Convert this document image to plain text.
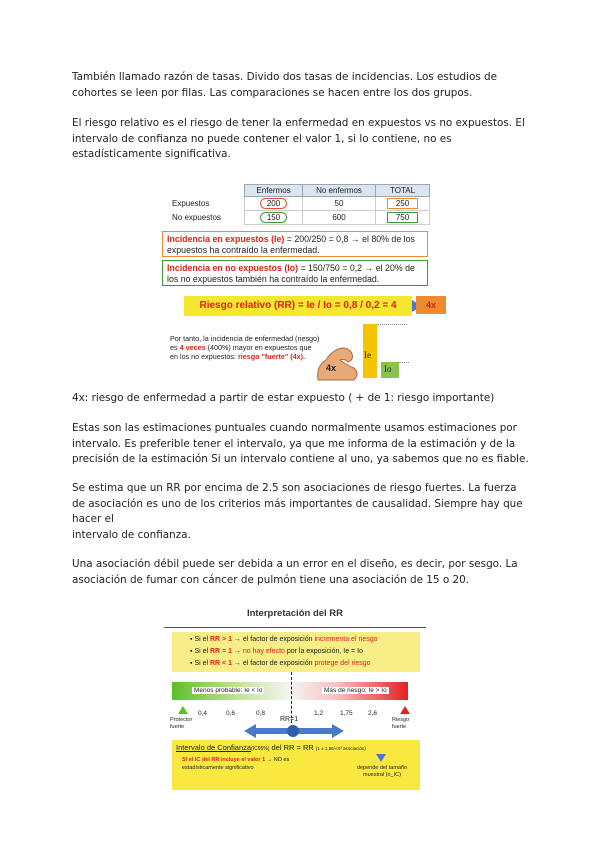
También llamado razón de tasas. Divido dos tasas de incidencias. Los estudios de cohortes se leen por filas. Las comparaciones se hacen entre los dos grupos.

El riesgo relativo es el riesgo de tener la enfermedad en expuestos vs no expuestos. El intervalo de confianza no puede contener el valor 1, si lo contiene, no es estadísticamente significativa.

	Enfermos	No enfermos	TOTAL
Expuestos	200	50	250
No expuestos	150	600	750
Incidencia en expuestos (Ie) = 200/250 = 0,8 → el 80% de los expuestos ha contraído la enfermedad.
Incidencia en no expuestos (Io) = 150/750 = 0,2 → el 20% de los no expuestos también ha contraído la enfermedad.
Riesgo relativo (RR) = Ie / Io = 0,8 / 0,2 = 4	4x
Por tanto, la incidencia de enfermedad (riesgo) es 4 veces (400%) mayor en expuestos que en los no expuestos: riesgo "fuerte" (4x).
4x
Ie
Io

4x: riesgo de enfermedad a partir de estar expuesto ( + de 1: riesgo importante)

Estas son las estimaciones puntuales cuando normalmente usamos estimaciones por intervalo. Es preferible tener el intervalo, ya que me informa de la estimación y de la precisión de la estimación Si un intervalo contiene al uno, ya sabemos que no es fiable.

Se estima que un RR por encima de 2.5 son asociaciones de riesgo fuertes. La fuerza de asociación es uno de los criterios más importantes de causalidad. Siempre hay que hacer el
intervalo de confianza.

Una asociación débil puede ser debida a un error en el diseño, es decir, por sesgo. La asociación de fumar con cáncer de pulmón tiene una asociación de 15 o 20.

Interpretación del RR
▪ Si el RR > 1 → el factor de exposición incrementa el riesgo
▪ Si el RR = 1 → no hay efecto por la exposición, Ie = Io
▪ Si el RR < 1 → el factor de exposición protege del riesgo
Menos probable: Ie < Io	Más de riesgo: Ie > Io
0,4	0,6	0,8	1,2	1,75 2,6
RR=1
Protector fuerte
Riesgo fuerte
Intervalo de Confianza(IC95%) del RR = RR (1 ± 1,96/√X² asociación)
Si el IC del RR incluye el valor 1 → NO es
estadísticamente significativo	depende del tamaño muestral (n_IC)
